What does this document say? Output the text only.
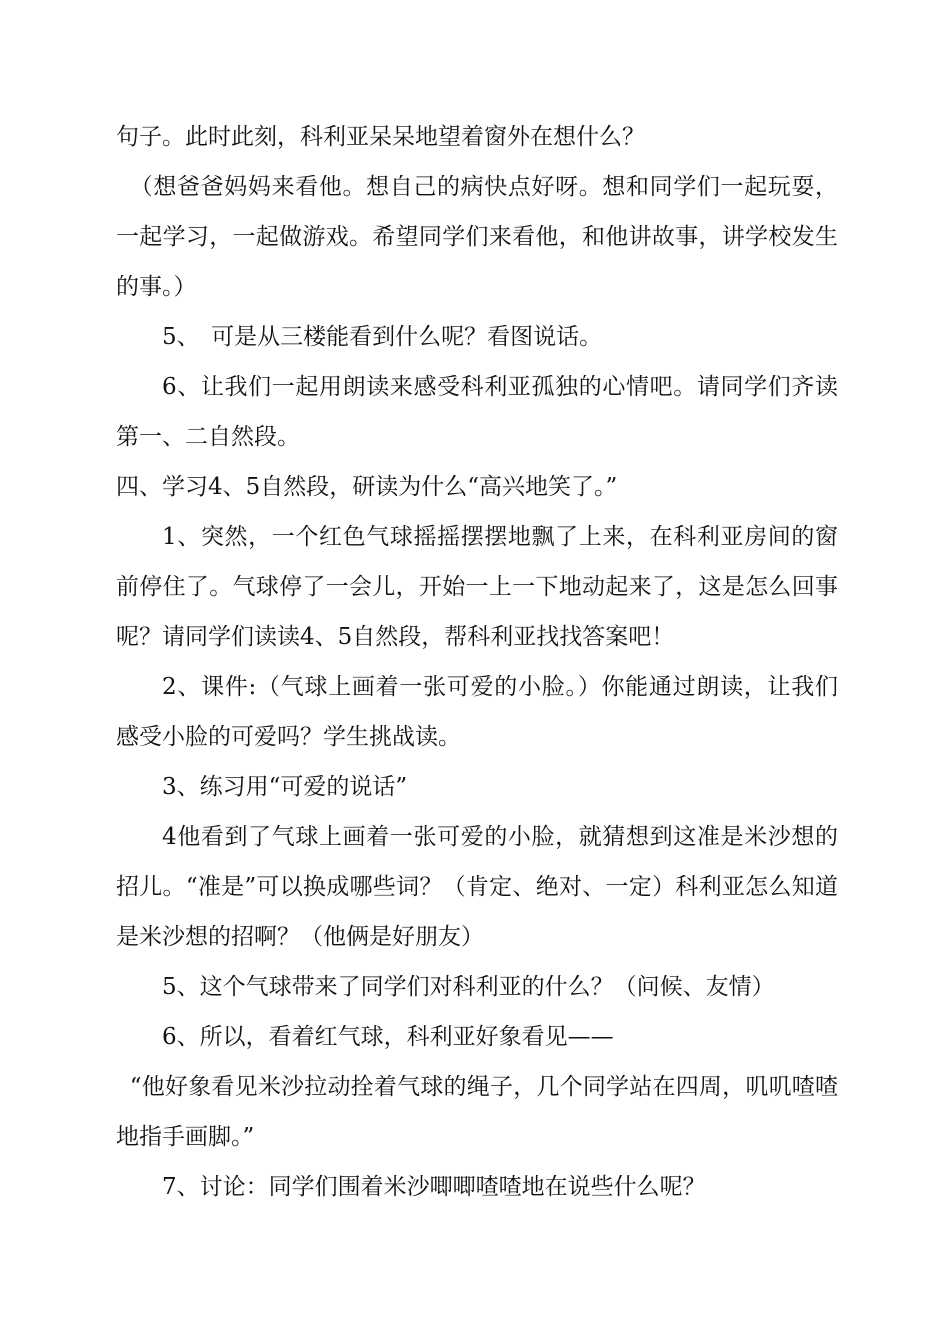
句子。此时此刻，科利亚呆呆地望着窗外在想什么？

（想爸爸妈妈来看他。想自己的病快点好呀。想和同学们一起玩耍，一起学习，一起做游戏。希望同学们来看他，和他讲故事，讲学校发生的事。）

5、　可是从三楼能看到什么呢？看图说话。

6、让我们一起用朗读来感受科利亚孤独的心情吧。请同学们齐读第一、二自然段。

四、学习4、5自然段，研读为什么“高兴地笑了。”

1、突然，一个红色气球摇摇摆摆地飘了上来，在科利亚房间的窗前停住了。气球停了一会儿，开始一上一下地动起来了，这是怎么回事呢？请同学们读读4、5自然段，帮科利亚找找答案吧！

2、课件:（气球上画着一张可爱的小脸。）你能通过朗读，让我们感受小脸的可爱吗？学生挑战读。

3、练习用“可爱的说话”

4他看到了气球上画着一张可爱的小脸，就猜想到这准是米沙想的招儿。“准是”可以换成哪些词？（肯定、绝对、一定）科利亚怎么知道是米沙想的招啊？（他俩是好朋友）

5、这个气球带来了同学们对科利亚的什么？（问候、友情）

6、所以，看着红气球，科利亚好象看见——

“他好象看见米沙拉动拴着气球的绳子，几个同学站在四周，叽叽喳喳地指手画脚。”

7、讨论：同学们围着米沙唧唧喳喳地在说些什么呢？
